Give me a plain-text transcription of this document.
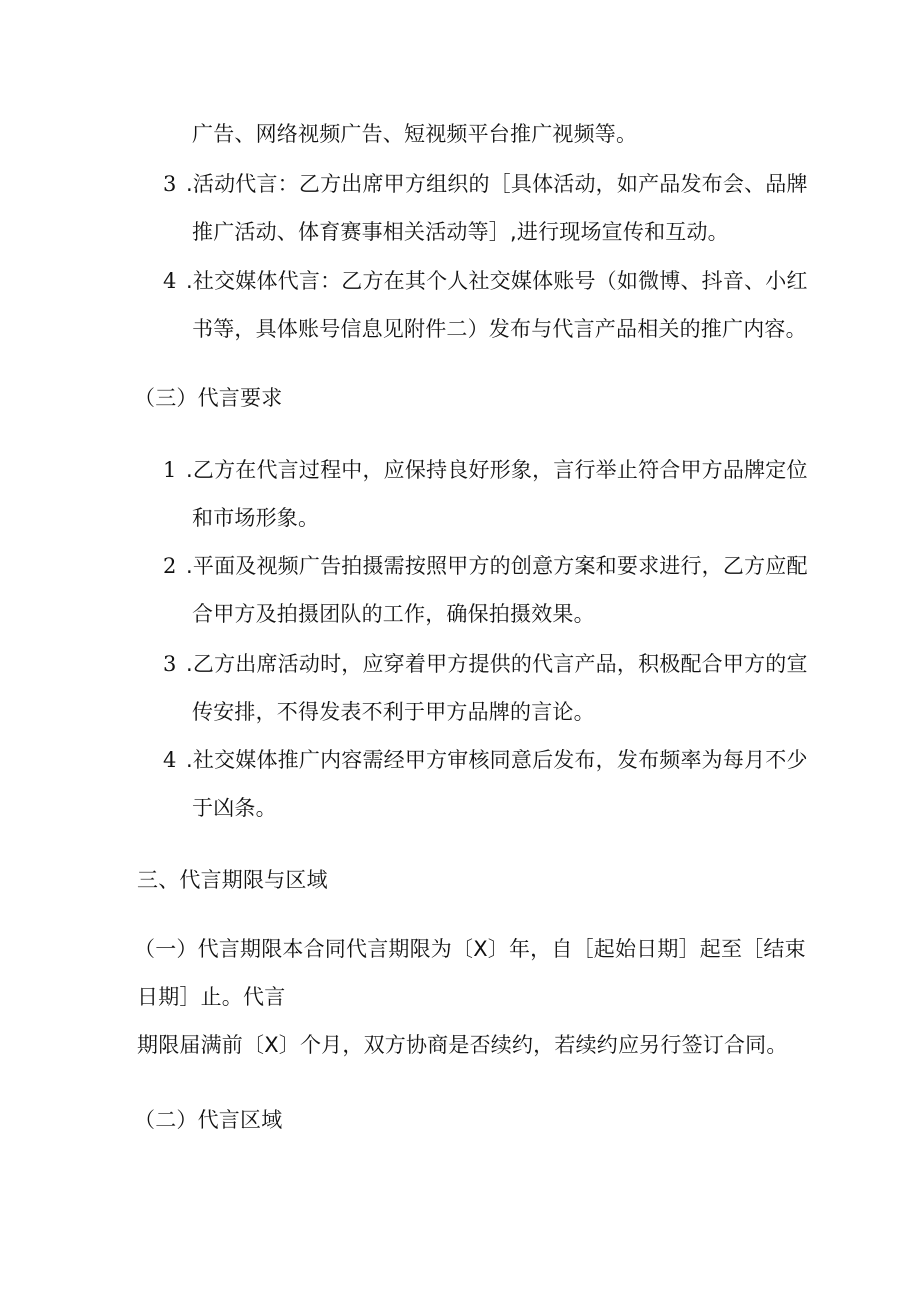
广告、网络视频广告、短视频平台推广视频等。
3 .活动代言：乙方出席甲方组织的［具体活动，如产品发布会、品牌
推广活动、体育赛事相关活动等］,进行现场宣传和互动。
4 .社交媒体代言：乙方在其个人社交媒体账号（如微博、抖音、小红
书等，具体账号信息见附件二）发布与代言产品相关的推广内容。
（三）代言要求
1 .乙方在代言过程中，应保持良好形象，言行举止符合甲方品牌定位
和市场形象。
2 .平面及视频广告拍摄需按照甲方的创意方案和要求进行，乙方应配
合甲方及拍摄团队的工作，确保拍摄效果。
3 .乙方出席活动时，应穿着甲方提供的代言产品，积极配合甲方的宣
传安排，不得发表不利于甲方品牌的言论。
4 .社交媒体推广内容需经甲方审核同意后发布，发布频率为每月不少
于凶条。
三、代言期限与区域
（一）代言期限本合同代言期限为〔X〕年，自［起始日期］起至［结束
日期］止。代言
期限届满前〔X〕个月，双方协商是否续约，若续约应另行签订合同。
（二）代言区域
